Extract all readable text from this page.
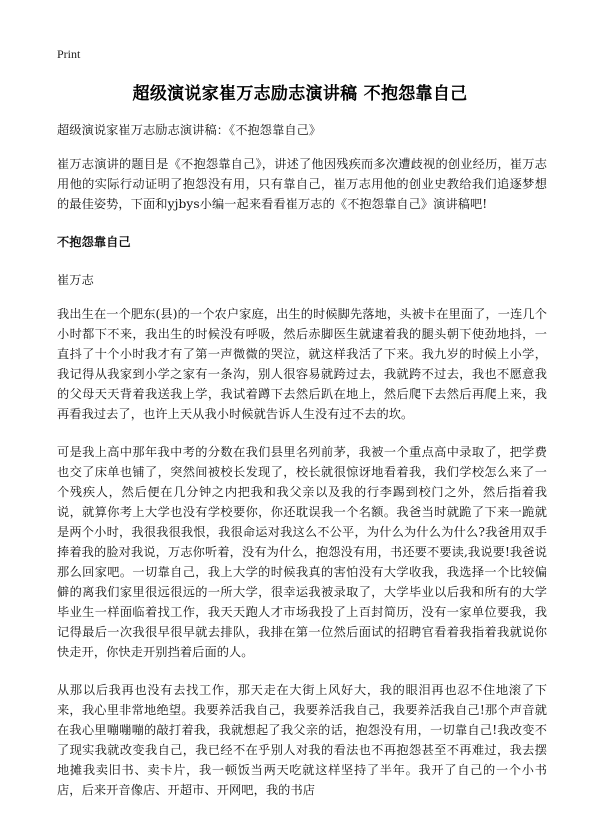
Print
超级演说家崔万志励志演讲稿 不抱怨靠自己

超级演说家崔万志励志演讲稿：《不抱怨靠自己》

崔万志演讲的题目是《不抱怨靠自己》，讲述了他因残疾而多次遭歧视的创业经历，崔万志用他的实际行动证明了抱怨没有用，只有靠自己，崔万志用他的创业史教给我们追逐梦想的最佳姿势，下面和yjbys小编一起来看看崔万志的《不抱怨靠自己》演讲稿吧!

不抱怨靠自己

崔万志

我出生在一个肥东(县)的一个农户家庭，出生的时候脚先落地，头被卡在里面了，一连几个小时都下不来，我出生的时候没有呼吸，然后赤脚医生就逮着我的腿头朝下使劲地抖，一直抖了十个小时我才有了第一声微微的哭泣，就这样我活了下来。我九岁的时候上小学，我记得从我家到小学之家有一条沟，别人很容易就跨过去，我就跨不过去，我也不愿意我的父母天天背着我送我上学，我试着蹲下去然后趴在地上，然后爬下去然后再爬上来，我再看我过去了，也许上天从我小时候就告诉人生没有过不去的坎。

可是我上高中那年我中考的分数在我们县里名列前茅，我被一个重点高中录取了，把学费也交了床单也铺了，突然间被校长发现了，校长就很惊讶地看着我，我们学校怎么来了一个残疾人，然后便在几分钟之内把我和我父亲以及我的行李踢到校门之外，然后指着我说，就算你考上大学也没有学校要你，你还耽误我一个名额。我爸当时就跪了下来一跪就是两个小时，我很我很我恨，我很命运对我这么不公平，为什么为什么为什么?我爸用双手捧着我的脸对我说，万志你听着，没有为什么，抱怨没有用，书还要不要读,我说要!我爸说那么回家吧。一切靠自己，我上大学的时候我真的害怕没有大学收我，我选择一个比较偏僻的离我们家里很远很远的一所大学，很幸运我被录取了，大学毕业以后我和所有的大学毕业生一样面临着找工作，我天天跑人才市场我投了上百封简历，没有一家单位要我，我记得最后一次我很早很早就去排队，我排在第一位然后面试的招聘官看着我指着我就说你快走开，你快走开别挡着后面的人。

从那以后我再也没有去找工作，那天走在大街上风好大，我的眼泪再也忍不住地滚了下来，我心里非常地绝望。我要养活我自己，我要养活我自己，我要养活我自己!那个声音就在我心里嘣嘣嘣的敲打着我，我就想起了我父亲的话，抱怨没有用，一切靠自己!我改变不了现实我就改变我自己，我已经不在乎别人对我的看法也不再抱怨甚至不再难过，我去摆地摊我卖旧书、卖卡片，我一顿饭当两天吃就这样坚持了半年。我开了自己的一个小书店，后来开音像店、开超市、开网吧，我的书店
